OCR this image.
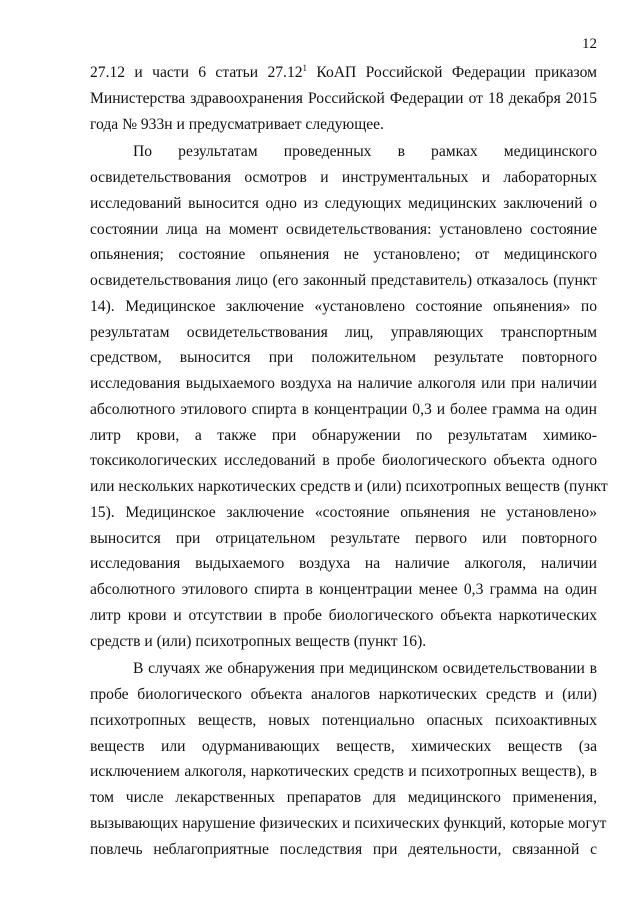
12
27.12 и части 6 статьи 27.12$^1$ КоАП Российской Федерации приказом
Министерства здравоохранения Российской Федерации от 18 декабря 2015
года № 933н и предусматривает следующее.
По результатам проведенных в рамках медицинского
освидетельствования осмотров и инструментальных и лабораторных
исследований выносится одно из следующих медицинских заключений о
состоянии лица на момент освидетельствования: установлено состояние
опьянения; состояние опьянения не установлено; от медицинского
освидетельствования лицо (его законный представитель) отказалось (пункт
14). Медицинское заключение «установлено состояние опьянения» по
результатам освидетельствования лиц, управляющих транспортным
средством, выносится при положительном результате повторного
исследования выдыхаемого воздуха на наличие алкоголя или при наличии
абсолютного этилового спирта в концентрации 0,3 и более грамма на один
литр крови, а также при обнаружении по результатам химико-
токсикологических исследований в пробе биологического объекта одного
или нескольких наркотических средств и (или) психотропных веществ (пункт
15). Медицинское заключение «состояние опьянения не установлено»
выносится при отрицательном результате первого или повторного
исследования выдыхаемого воздуха на наличие алкоголя, наличии
абсолютного этилового спирта в концентрации менее 0,3 грамма на один
литр крови и отсутствии в пробе биологического объекта наркотических
средств и (или) психотропных веществ (пункт 16).
В случаях же обнаружения при медицинском освидетельствовании в
пробе биологического объекта аналогов наркотических средств и (или)
психотропных веществ, новых потенциально опасных психоактивных
веществ или одурманивающих веществ, химических веществ (за
исключением алкоголя, наркотических средств и психотропных веществ), в
том числе лекарственных препаратов для медицинского применения,
вызывающих нарушение физических и психических функций, которые могут
повлечь неблагоприятные последствия при деятельности, связанной с
